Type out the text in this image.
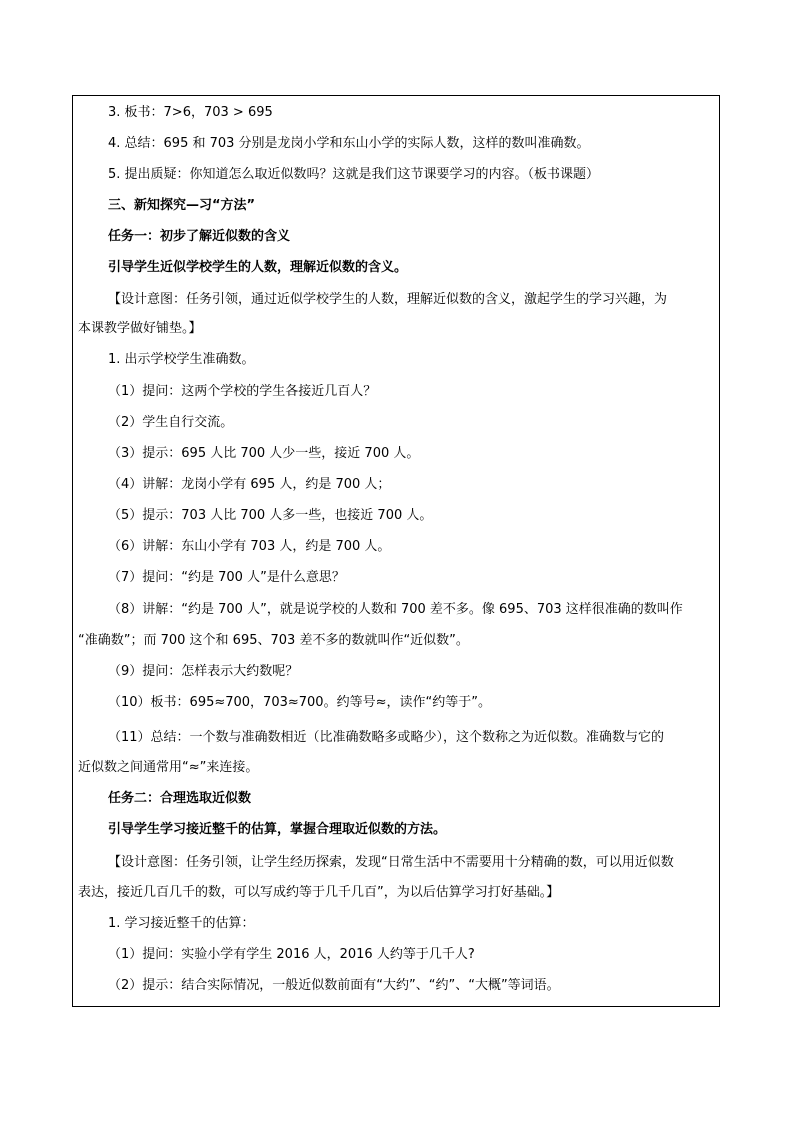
3. 板书：7>6，703 > 695
4. 总结：695 和 703 分别是龙岗小学和东山小学的实际人数，这样的数叫准确数。
5. 提出质疑：你知道怎么取近似数吗？这就是我们这节课要学习的内容。（板书课题）
三、新知探究—习“方法”
任务一：初步了解近似数的含义
引导学生近似学校学生的人数，理解近似数的含义。
【设计意图：任务引领，通过近似学校学生的人数，理解近似数的含义，激起学生的学习兴趣，为
本课教学做好铺垫。】
1. 出示学校学生准确数。
（1）提问：这两个学校的学生各接近几百人？
（2）学生自行交流。
（3）提示：695 人比 700 人少一些，接近 700 人。
（4）讲解：龙岗小学有 695 人，约是 700 人；
（5）提示：703 人比 700 人多一些，也接近 700 人。
（6）讲解：东山小学有 703 人，约是 700 人。
（7）提问：“约是 700 人”是什么意思？
（8）讲解：“约是 700 人”，就是说学校的人数和 700 差不多。像 695、703 这样很准确的数叫作
“准确数”；而 700 这个和 695、703 差不多的数就叫作“近似数”。
（9）提问：怎样表示大约数呢？
（10）板书：695≈700，703≈700。约等号≈，读作“约等于”。
（11）总结：一个数与准确数相近（比准确数略多或略少），这个数称之为近似数。准确数与它的
近似数之间通常用“≈”来连接。
任务二：合理选取近似数
引导学生学习接近整千的估算，掌握合理取近似数的方法。
【设计意图：任务引领，让学生经历探索，发现“日常生活中不需要用十分精确的数，可以用近似数
表达，接近几百几千的数，可以写成约等于几千几百”，为以后估算学习打好基础。】
1. 学习接近整千的估算：
（1）提问：实验小学有学生 2016 人，2016 人约等于几千人?
（2）提示：结合实际情况，一般近似数前面有“大约”、“约”、“大概”等词语。
